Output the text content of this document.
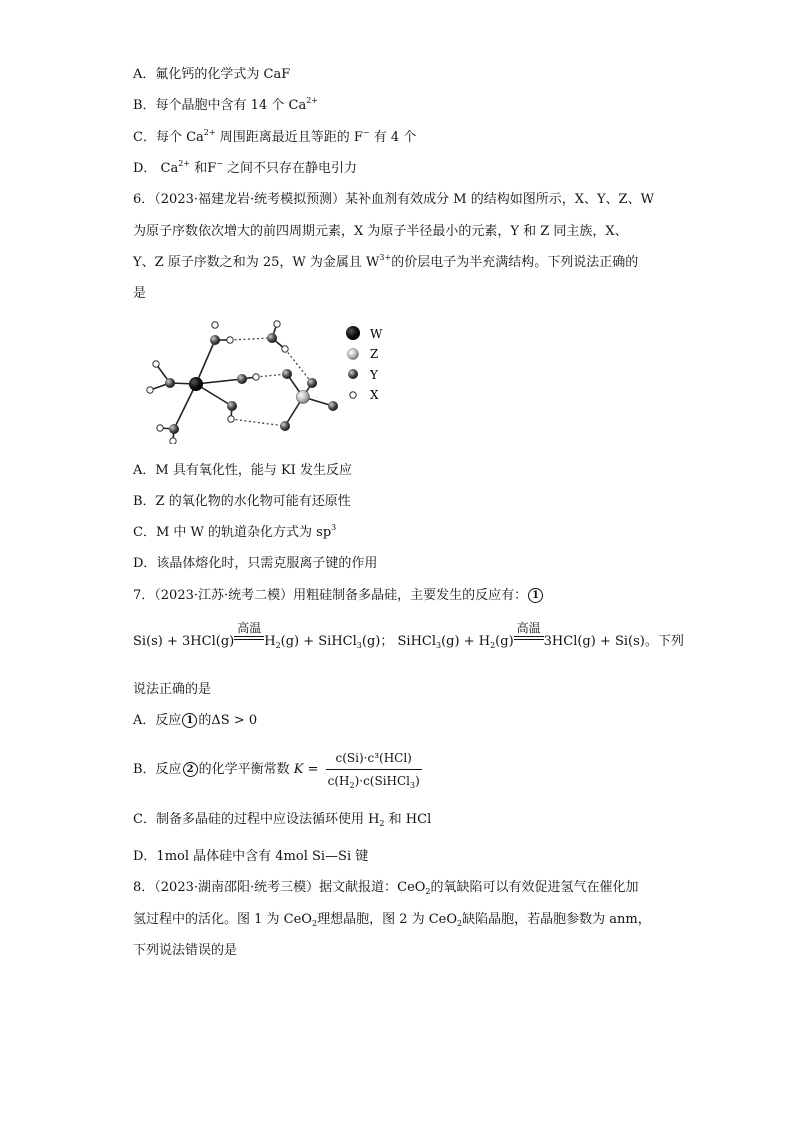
A．氟化钙的化学式为 CaF
B．每个晶胞中含有 14 个 $Ca^{2+}$
C．每个 $Ca^{2+}$ 周围距离最近且等距的 F− 有 4 个
D． $Ca^{2+}$ 和F− 之间不只存在静电引力
6．（2023·福建龙岩·统考模拟预测）某补血剂有效成分 M 的结构如图所示，X、Y、Z、W
为原子序数依次增大的前四周期元素，X 为原子半径最小的元素，Y 和 Z 同主族，X、
Y、Z 原子序数之和为 25，W 为金属且 $W^{3+}$的价层电子为半充满结构。下列说法正确的
是
W
Z
Y
X
A．M 具有氧化性，能与 KI 发生反应
B．Z 的氧化物的水化物可能有还原性
C．M 中 W 的轨道杂化方式为 $sp^3$
D．该晶体熔化时，只需克服离子键的作用
7．（2023·江苏·统考二模）用粗硅制备多晶硅，主要发生的反应有： 1
Si(s) + 3HCl(g)
高温
$H_2(g)$ + SiHCl$_3$(g)； SiHCl$_3$(g) + $H_2(g)$
高温
3HCl(g) + Si(s)。下列
说法正确的是
A．反应 1 的ΔS > 0
B．反应 2 的化学平衡常数 $K = \frac{\text{c(Si)·c³(HCl)}}{c(H_2)\cdot c(SiHCl_3)}$
C．制备多晶硅的过程中应设法循环使用 $H_2$ 和 HCl
D．1mol 晶体硅中含有 4mol Si—Si 键
8．（2023·湖南邵阳·统考三模）据文献报道：CeO$_2$的氧缺陷可以有效促进氢气在催化加
氢过程中的活化。图 1 为 CeO$_2$理想晶胞，图 2 为 CeO$_2$缺陷晶胞，若晶胞参数为 anm，
下列说法错误的是
